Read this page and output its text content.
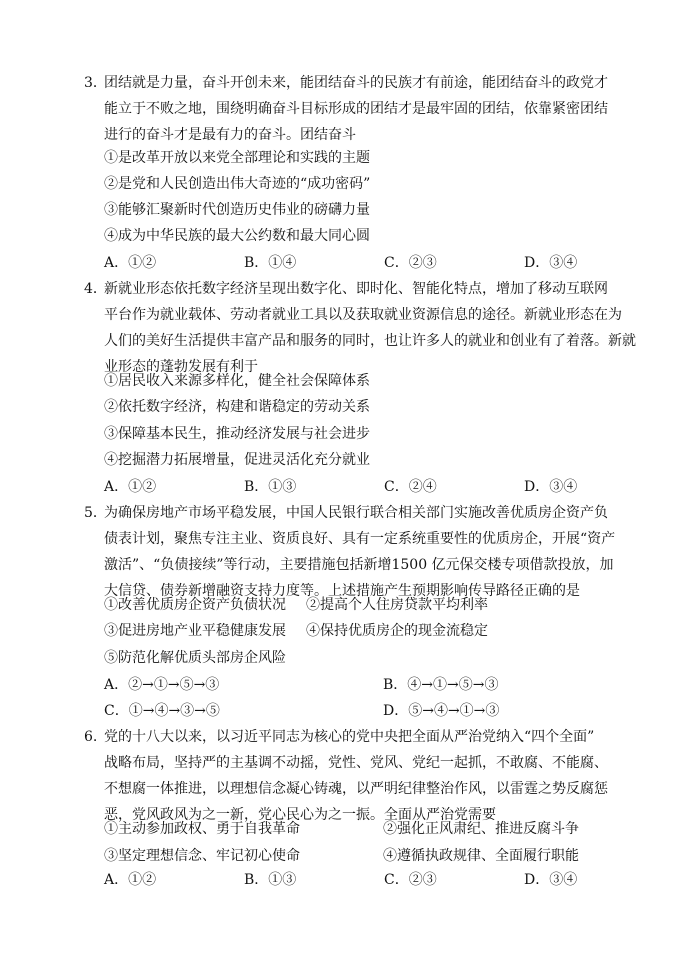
3．团结就是力量，奋斗开创未来，能团结奋斗的民族才有前途，能团结奋斗的政党才
能立于不败之地，围绕明确奋斗目标形成的团结才是最牢固的团结，依靠紧密团结
进行的奋斗才是最有力的奋斗。团结奋斗

①是改革开放以来党全部理论和实践的主题
②是党和人民创造出伟大奇迹的“成功密码”
③能够汇聚新时代创造历史伟业的磅礴力量
④成为中华民族的最大公约数和最大同心圆
A．①②	B．①④	C．②③	D．③④

4．新就业形态依托数字经济呈现出数字化、即时化、智能化特点，增加了移动互联网
平台作为就业载体、劳动者就业工具以及获取就业资源信息的途径。新就业形态在为
人们的美好生活提供丰富产品和服务的同时，也让许多人的就业和创业有了着落。新就
业形态的蓬勃发展有利于

①居民收入来源多样化，健全社会保障体系
②依托数字经济，构建和谐稳定的劳动关系
③保障基本民生，推动经济发展与社会进步
④挖掘潜力拓展增量，促进灵活化充分就业
A．①②	B．①③	C．②④	D．③④

5．为确保房地产市场平稳发展，中国人民银行联合相关部门实施改善优质房企资产负
债表计划，聚焦专注主业、资质良好、具有一定系统重要性的优质房企，开展“资产
激活”、“负债接续”等行动，主要措施包括新增1500 亿元保交楼专项借款投放，加
大信贷、债券新增融资支持力度等。上述措施产生预期影响传导路径正确的是

①改善优质房企资产负债状况 ②提高个人住房贷款平均利率
③促进房地产业平稳健康发展 ④保持优质房企的现金流稳定
⑤防范化解优质头部房企风险
A．②→①→⑤→③	B．④→①→⑤→③
C．①→④→③→⑤	D．⑤→④→①→③

6. 党的十八大以来，以习近平同志为核心的党中央把全面从严治党纳入“四个全面”
战略布局，坚持严的主基调不动摇，党性、党风、党纪一起抓，不敢腐、不能腐、
不想腐一体推进，以理想信念凝心铸魂，以严明纪律整治作风，以雷霆之势反腐惩
恶，党风政风为之一新，党心民心为之一振。全面从严治党需要

①主动参加政权、勇于自我革命	②强化正风肃纪、推进反腐斗争
③坚定理想信念、牢记初心使命	④遵循执政规律、全面履行职能
A．①②	B．①③	C．②③	D．③④
